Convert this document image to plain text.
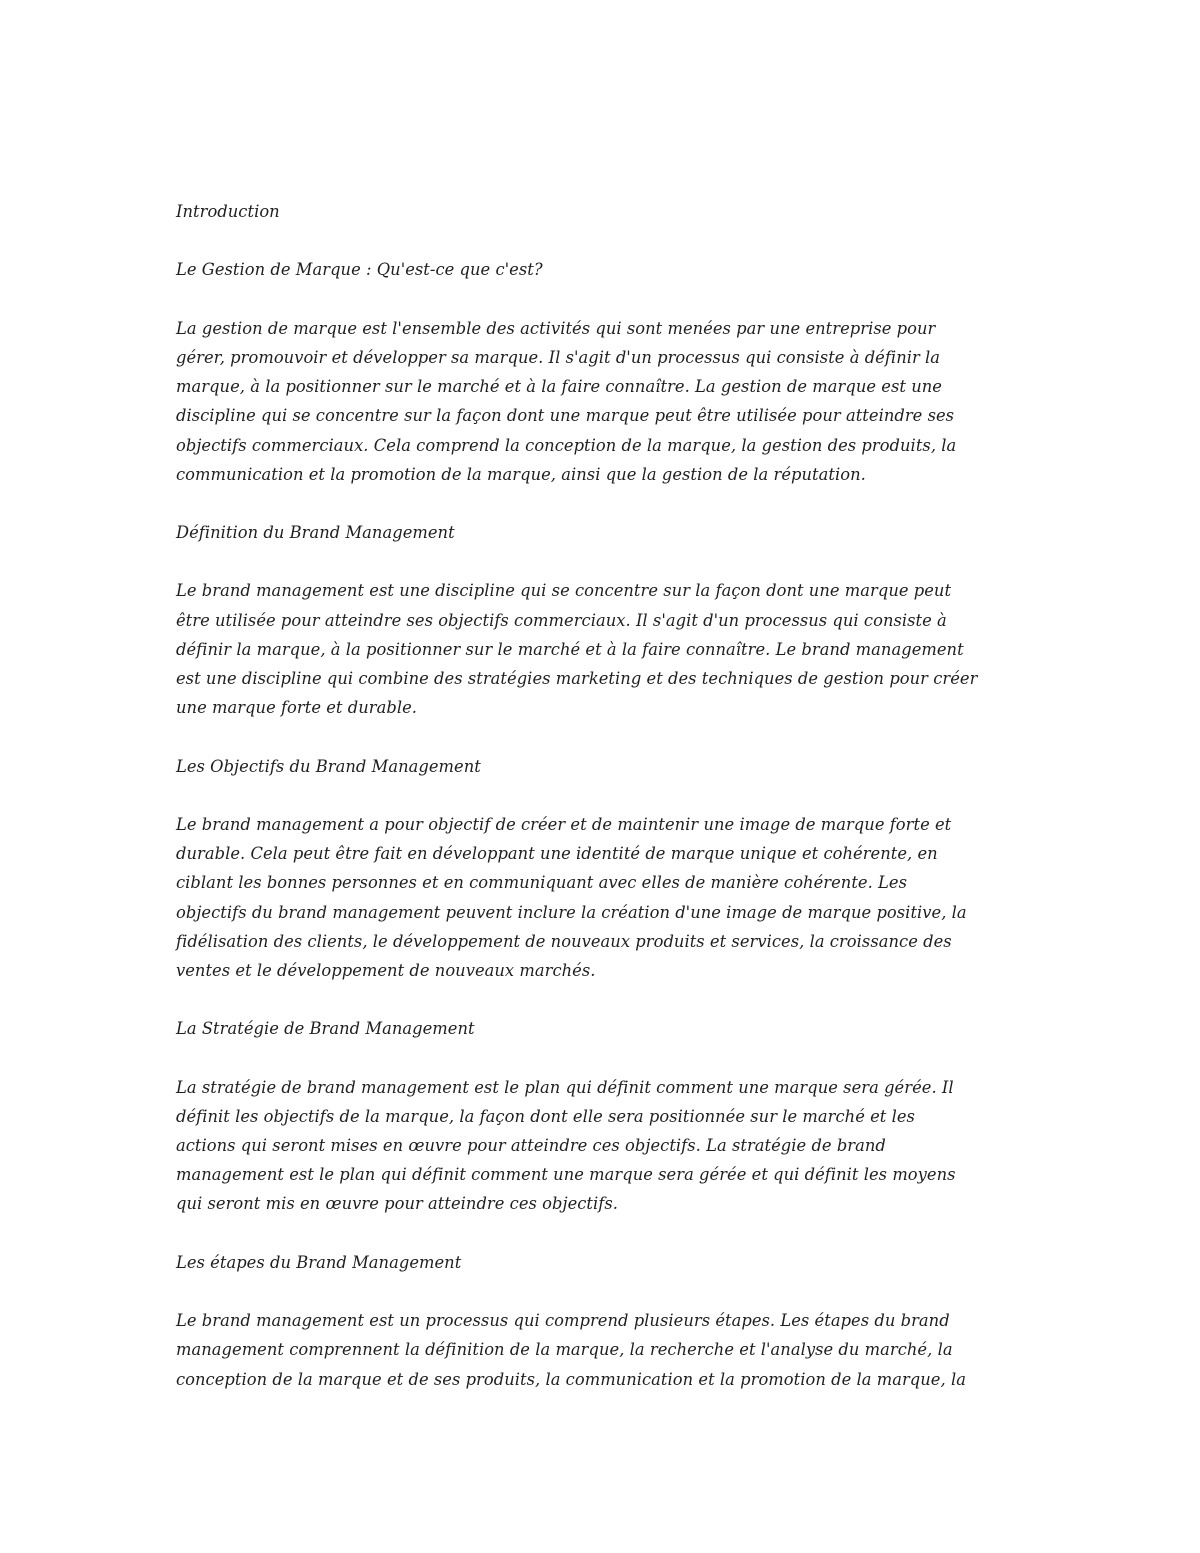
Introduction
Le Gestion de Marque : Qu'est-ce que c'est?
La gestion de marque est l'ensemble des activités qui sont menées par une entreprise pour
gérer, promouvoir et développer sa marque. Il s'agit d'un processus qui consiste à définir la
marque, à la positionner sur le marché et à la faire connaître. La gestion de marque est une
discipline qui se concentre sur la façon dont une marque peut être utilisée pour atteindre ses
objectifs commerciaux. Cela comprend la conception de la marque, la gestion des produits, la
communication et la promotion de la marque, ainsi que la gestion de la réputation.
Définition du Brand Management
Le brand management est une discipline qui se concentre sur la façon dont une marque peut
être utilisée pour atteindre ses objectifs commerciaux. Il s'agit d'un processus qui consiste à
définir la marque, à la positionner sur le marché et à la faire connaître. Le brand management
est une discipline qui combine des stratégies marketing et des techniques de gestion pour créer
une marque forte et durable.
Les Objectifs du Brand Management
Le brand management a pour objectif de créer et de maintenir une image de marque forte et
durable. Cela peut être fait en développant une identité de marque unique et cohérente, en
ciblant les bonnes personnes et en communiquant avec elles de manière cohérente. Les
objectifs du brand management peuvent inclure la création d'une image de marque positive, la
fidélisation des clients, le développement de nouveaux produits et services, la croissance des
ventes et le développement de nouveaux marchés.
La Stratégie de Brand Management
La stratégie de brand management est le plan qui définit comment une marque sera gérée. Il
définit les objectifs de la marque, la façon dont elle sera positionnée sur le marché et les
actions qui seront mises en œuvre pour atteindre ces objectifs. La stratégie de brand
management est le plan qui définit comment une marque sera gérée et qui définit les moyens
qui seront mis en œuvre pour atteindre ces objectifs.
Les étapes du Brand Management
Le brand management est un processus qui comprend plusieurs étapes. Les étapes du brand
management comprennent la définition de la marque, la recherche et l'analyse du marché, la
conception de la marque et de ses produits, la communication et la promotion de la marque, la
